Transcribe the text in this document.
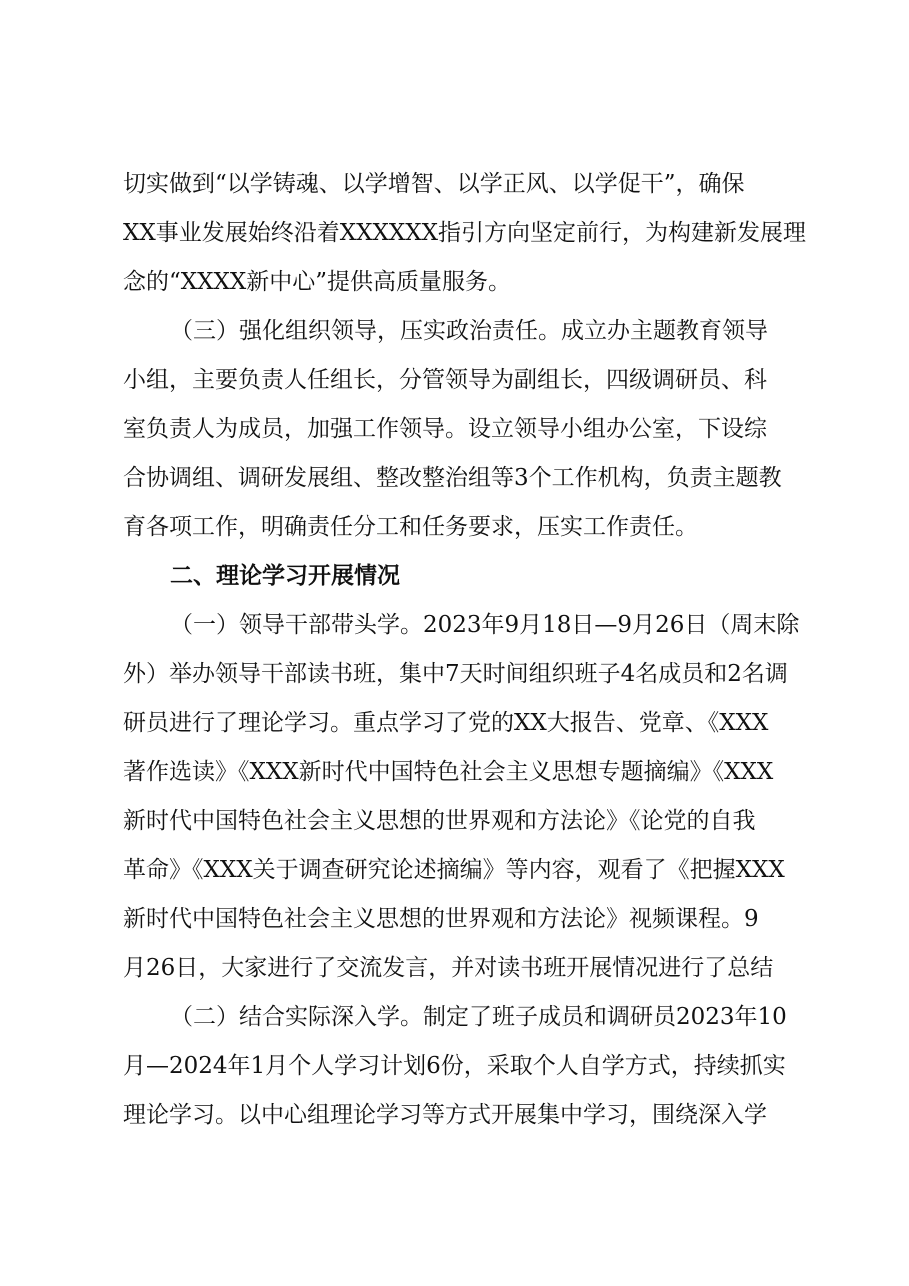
切实做到“以学铸魂、以学增智、以学正风、以学促干”，确保
XX事业发展始终沿着XXXXXX指引方向坚定前行，为构建新发展理
念的“XXXX新中心”提供高质量服务。
（三）强化组织领导，压实政治责任。成立办主题教育领导
小组，主要负责人任组长，分管领导为副组长，四级调研员、科
室负责人为成员，加强工作领导。设立领导小组办公室，下设综
合协调组、调研发展组、整改整治组等3个工作机构，负责主题教
育各项工作，明确责任分工和任务要求，压实工作责任。
二、理论学习开展情况
（一）领导干部带头学。2023年9月18日—9月26日（周末除
外）举办领导干部读书班，集中7天时间组织班子4名成员和2名调
研员进行了理论学习。重点学习了党的XX大报告、党章、《XXX
著作选读》《XXX新时代中国特色社会主义思想专题摘编》《XXX
新时代中国特色社会主义思想的世界观和方法论》《论党的自我
革命》《XXX关于调查研究论述摘编》等内容，观看了《把握XXX
新时代中国特色社会主义思想的世界观和方法论》视频课程。9
月26日，大家进行了交流发言，并对读书班开展情况进行了总结
（二）结合实际深入学。制定了班子成员和调研员2023年10
月—2024年1月个人学习计划6份，采取个人自学方式，持续抓实
理论学习。以中心组理论学习等方式开展集中学习，围绕深入学
